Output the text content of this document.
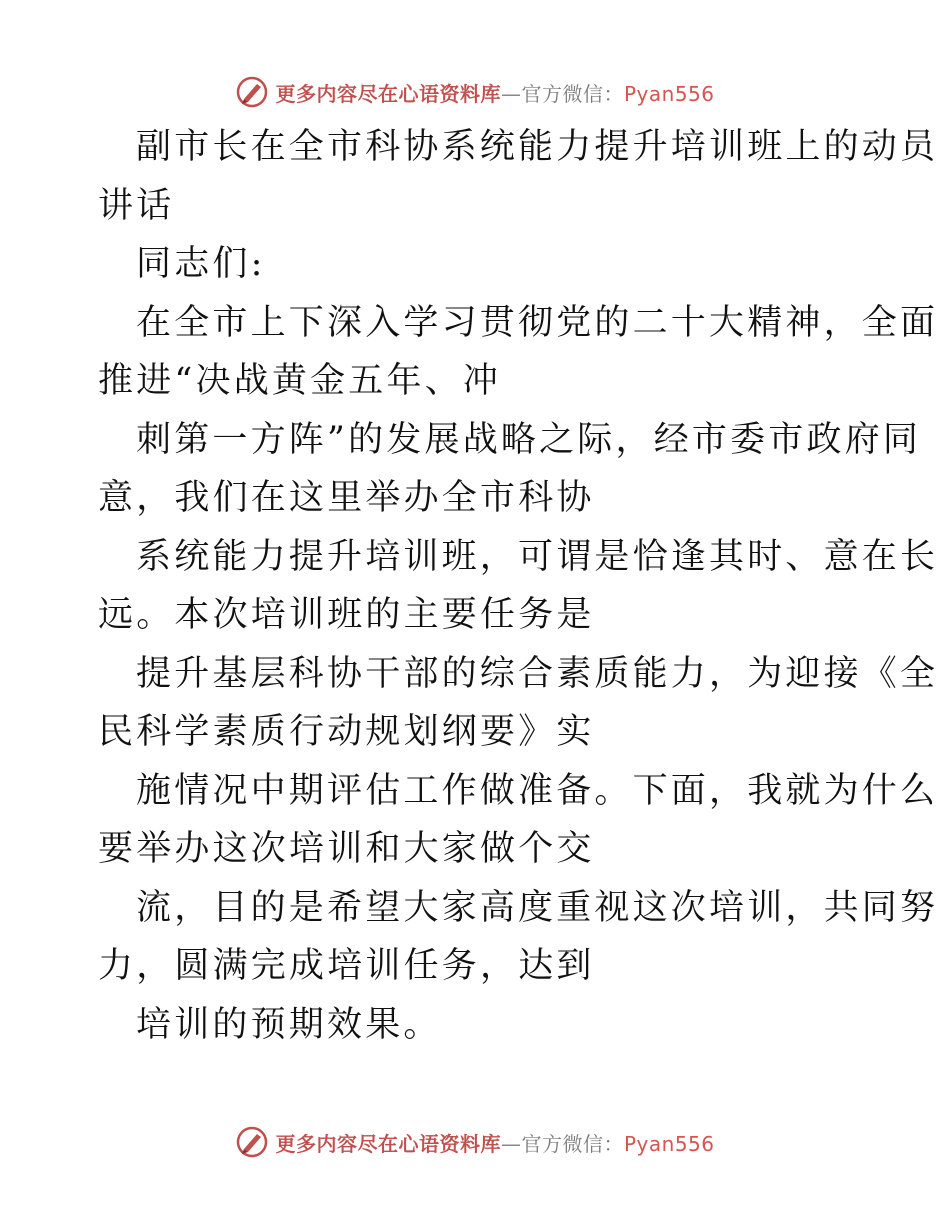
更多内容尽在心语资料库—官方微信：Pyan556
副市长在全市科协系统能力提升培训班上的动员
讲话
同志们:
在全市上下深入学习贯彻党的二十大精神，全面
推进“决战黄金五年、冲
刺第一方阵”的发展战略之际，经市委市政府同
意，我们在这里举办全市科协
系统能力提升培训班，可谓是恰逢其时、意在长
远。本次培训班的主要任务是
提升基层科协干部的综合素质能力，为迎接《全
民科学素质行动规划纲要》实
施情况中期评估工作做准备。下面，我就为什么
要举办这次培训和大家做个交
流，目的是希望大家高度重视这次培训，共同努
力，圆满完成培训任务，达到
培训的预期效果。
更多内容尽在心语资料库—官方微信：Pyan556
